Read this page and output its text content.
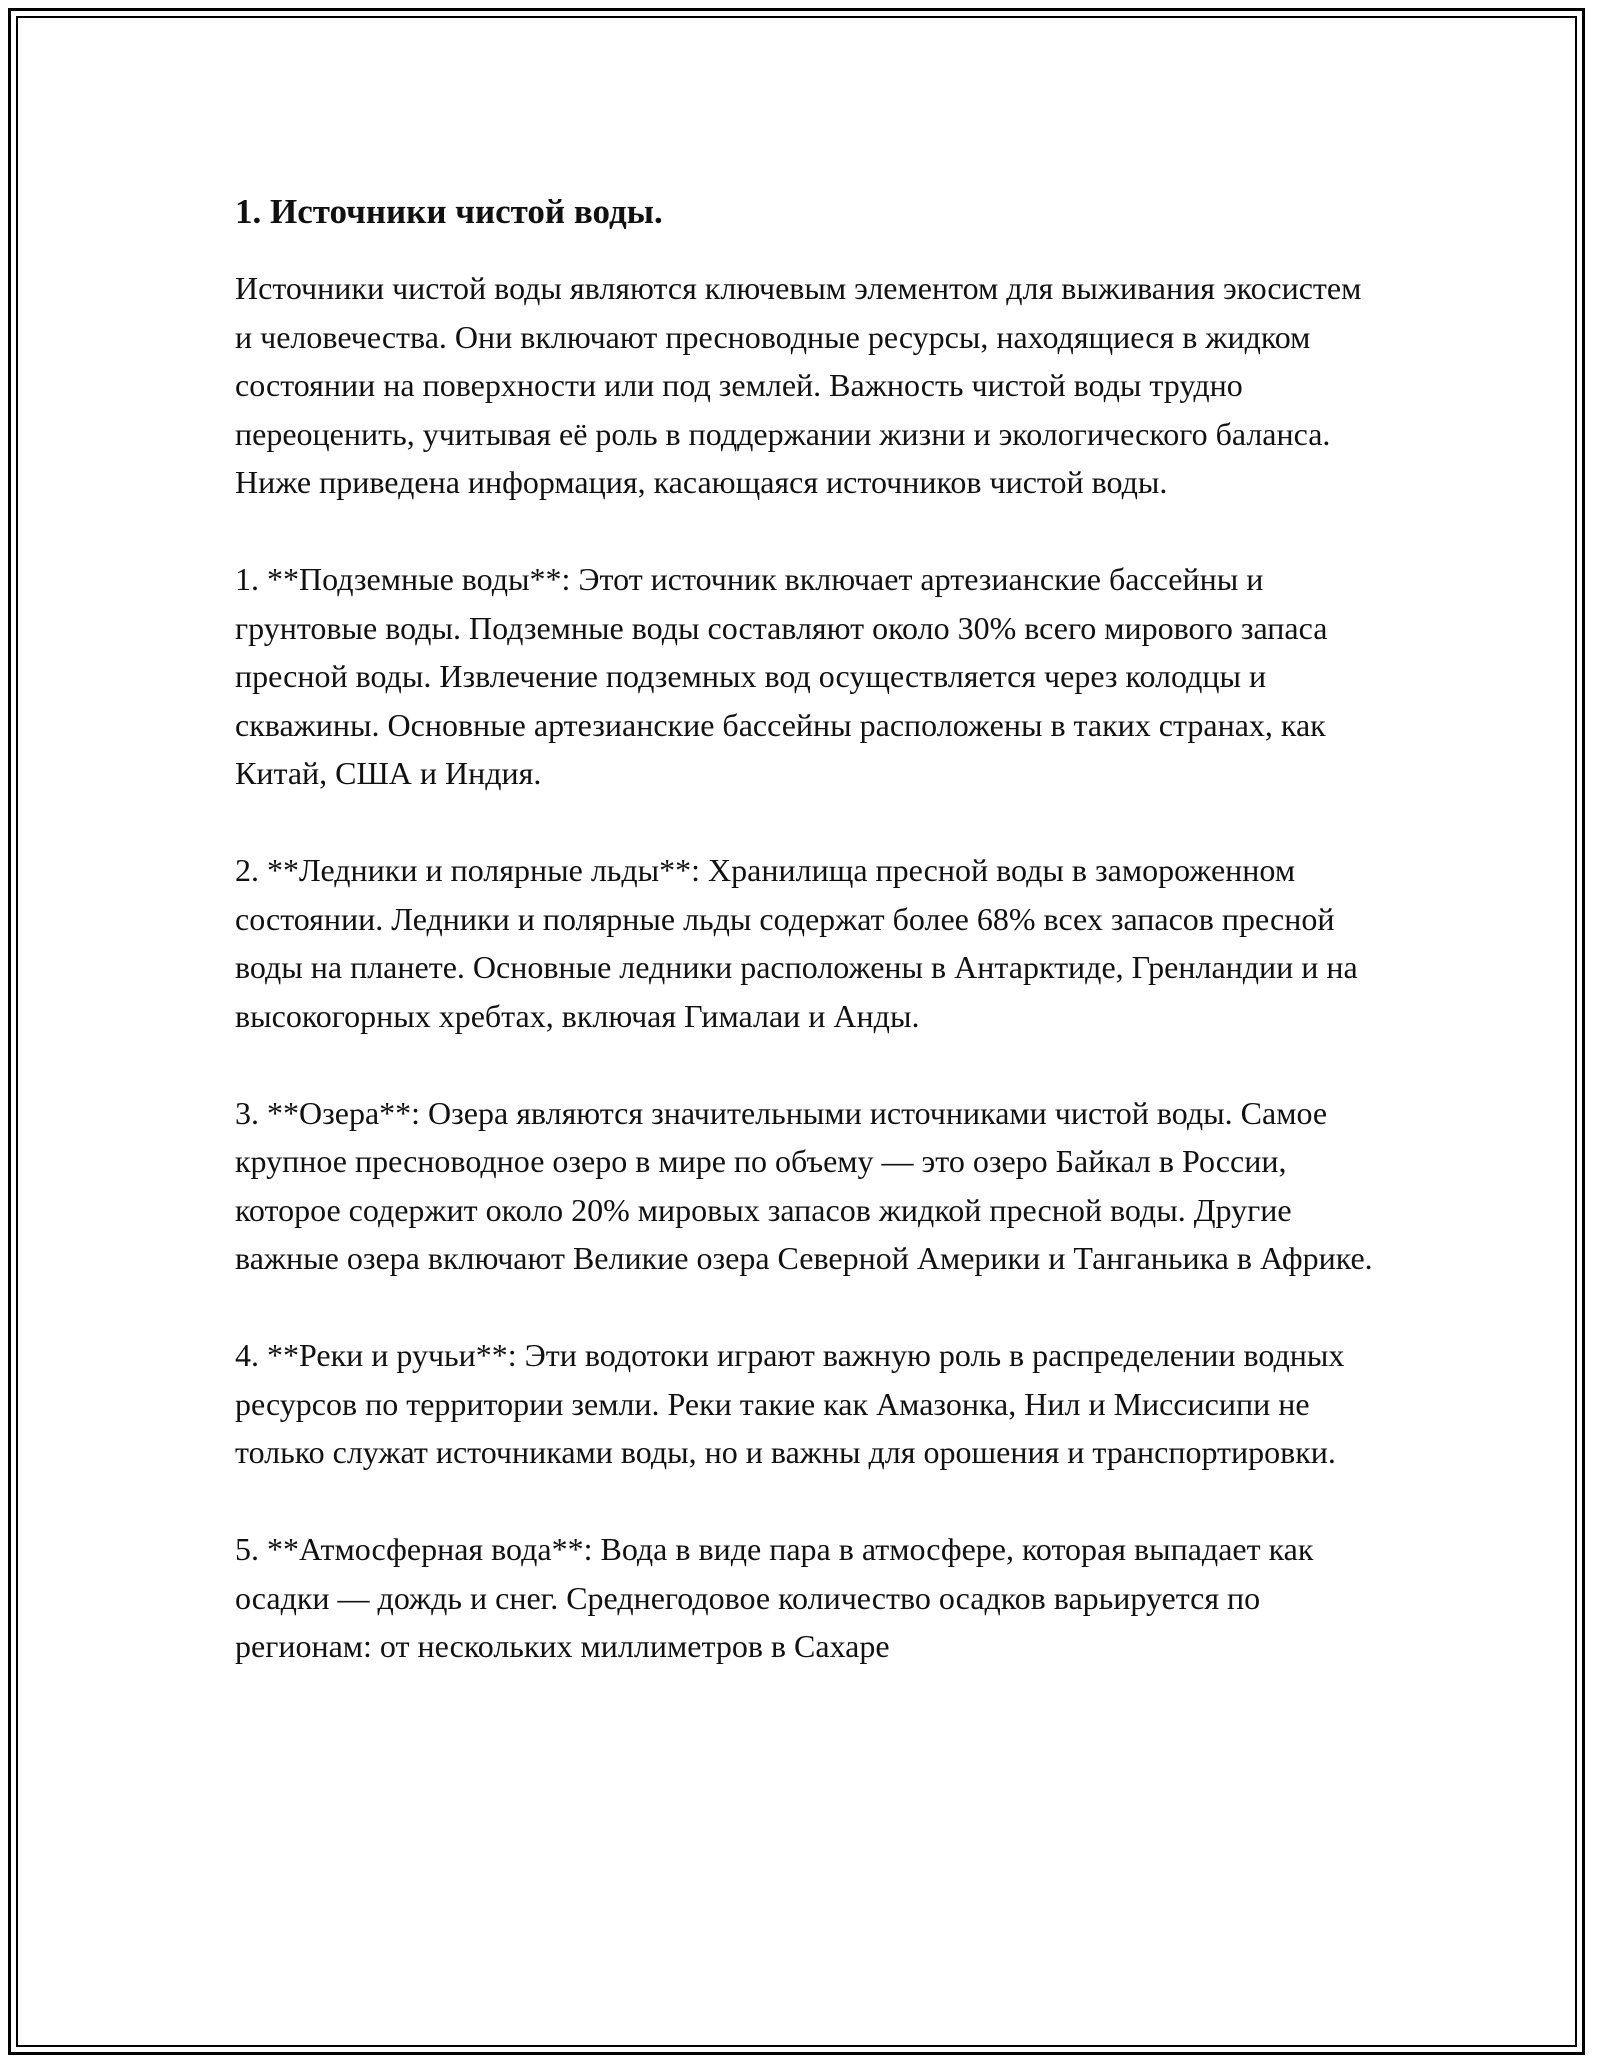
1. Источники чистой воды.

Источники чистой воды являются ключевым элементом для выживания экосистем и человечества. Они включают пресноводные ресурсы, находящиеся в жидком состоянии на поверхности или под землей. Важность чистой воды трудно переоценить, учитывая её роль в поддержании жизни и экологического баланса. Ниже приведена информация, касающаяся источников чистой воды.

1. **Подземные воды**: Этот источник включает артезианские бассейны и грунтовые воды. Подземные воды составляют около 30% всего мирового запаса пресной воды. Извлечение подземных вод осуществляется через колодцы и скважины. Основные артезианские бассейны расположены в таких странах, как Китай, США и Индия.

2. **Ледники и полярные льды**: Хранилища пресной воды в замороженном состоянии. Ледники и полярные льды содержат более 68% всех запасов пресной воды на планете. Основные ледники расположены в Антарктиде, Гренландии и на высокогорных хребтах, включая Гималаи и Анды.

3. **Озера**: Озера являются значительными источниками чистой воды. Самое крупное пресноводное озеро в мире по объему — это озеро Байкал в России, которое содержит около 20% мировых запасов жидкой пресной воды. Другие важные озера включают Великие озера Северной Америки и Танганьика в Африке.

4. **Реки и ручьи**: Эти водотоки играют важную роль в распределении водных ресурсов по территории земли. Реки такие как Амазонка, Нил и Миссисипи не только служат источниками воды, но и важны для орошения и транспортировки.

5. **Атмосферная вода**: Вода в виде пара в атмосфере, которая выпадает как осадки — дождь и снег. Среднегодовое количество осадков варьируется по регионам: от нескольких миллиметров в Сахаре
